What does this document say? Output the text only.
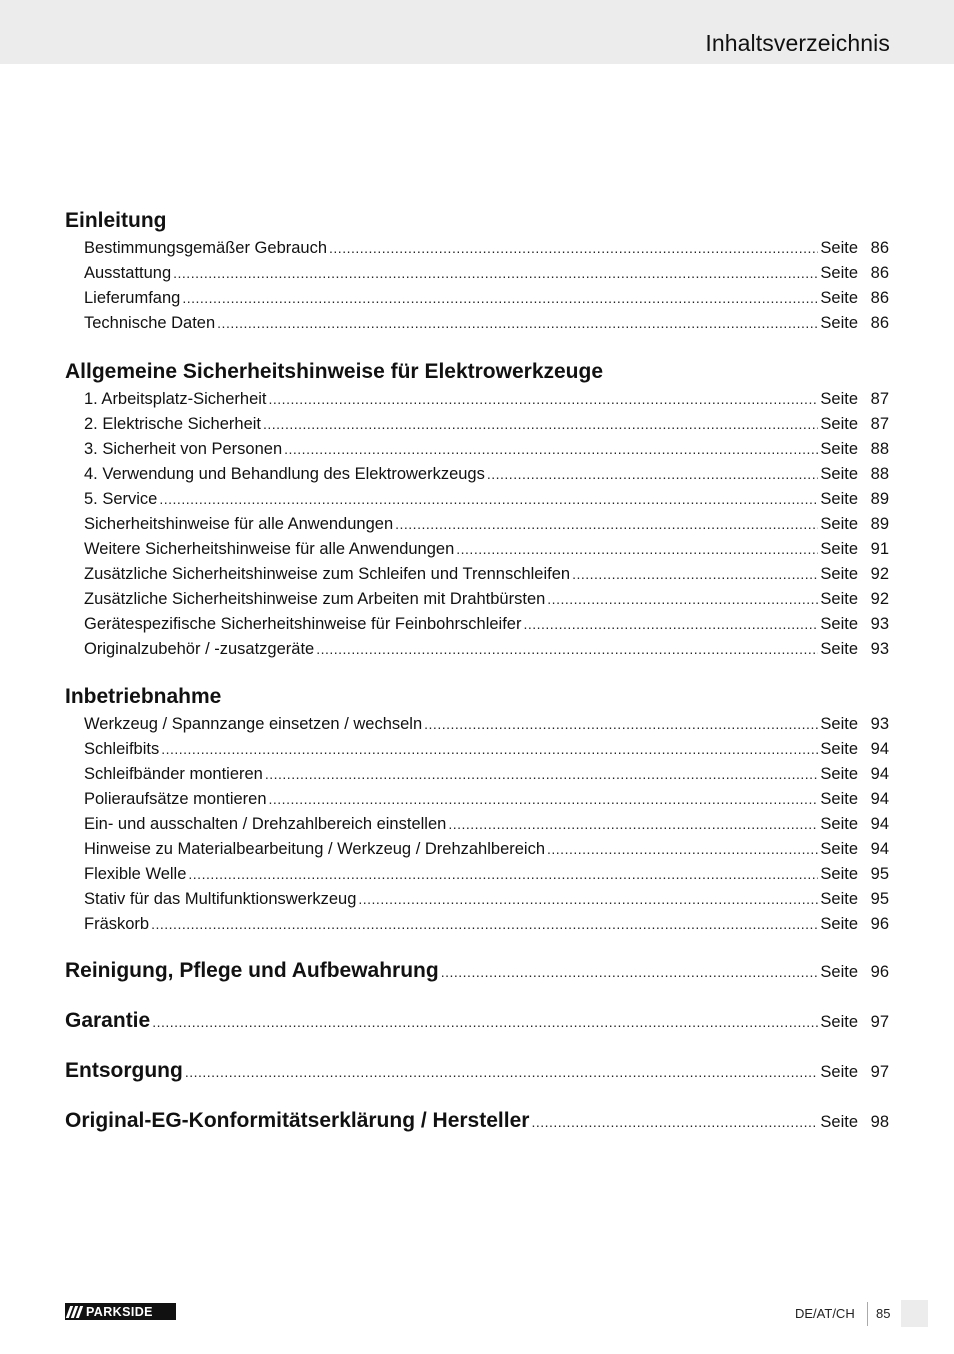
Inhaltsverzeichnis
Einleitung
Bestimmungsgemäßer Gebrauch .....	Seite 86
Ausstattung .....	Seite 86
Lieferumfang .....	Seite 86
Technische Daten .....	Seite 86
Allgemeine Sicherheitshinweise für Elektrowerkzeuge
1. Arbeitsplatz-Sicherheit .....	Seite 87
2. Elektrische Sicherheit .....	Seite 87
3. Sicherheit von Personen .....	Seite 88
4. Verwendung und Behandlung des Elektrowerkzeugs .....	Seite 88
5. Service .....	Seite 89
Sicherheitshinweise für alle Anwendungen .....	Seite 89
Weitere Sicherheitshinweise für alle Anwendungen .....	Seite 91
Zusätzliche Sicherheitshinweise zum Schleifen und Trennschleifen .....	Seite 92
Zusätzliche Sicherheitshinweise zum Arbeiten mit Drahtbürsten .....	Seite 92
Gerätespezifische Sicherheitshinweise für Feinbohrschleifer .....	Seite 93
Originalzubehör / -zusatzgeräte .....	Seite 93
Inbetriebnahme
Werkzeug / Spannzange einsetzen / wechseln .....	Seite 93
Schleifbits .....	Seite 94
Schleifbänder montieren .....	Seite 94
Polieraufsätze montieren .....	Seite 94
Ein- und ausschalten / Drehzahlbereich einstellen .....	Seite 94
Hinweise zu Materialbearbeitung / Werkzeug / Drehzahlbereich .....	Seite 94
Flexible Welle .....	Seite 95
Stativ für das Multifunktionswerkzeug .....	Seite 95
Fräskorb .....	Seite 96
Reinigung, Pflege und Aufbewahrung .....	Seite 96
Garantie .....	Seite 97
Entsorgung .....	Seite 97
Original-EG-Konformitätserklärung / Hersteller .....	Seite 98
PARKSIDE	DE/AT/CH 85
